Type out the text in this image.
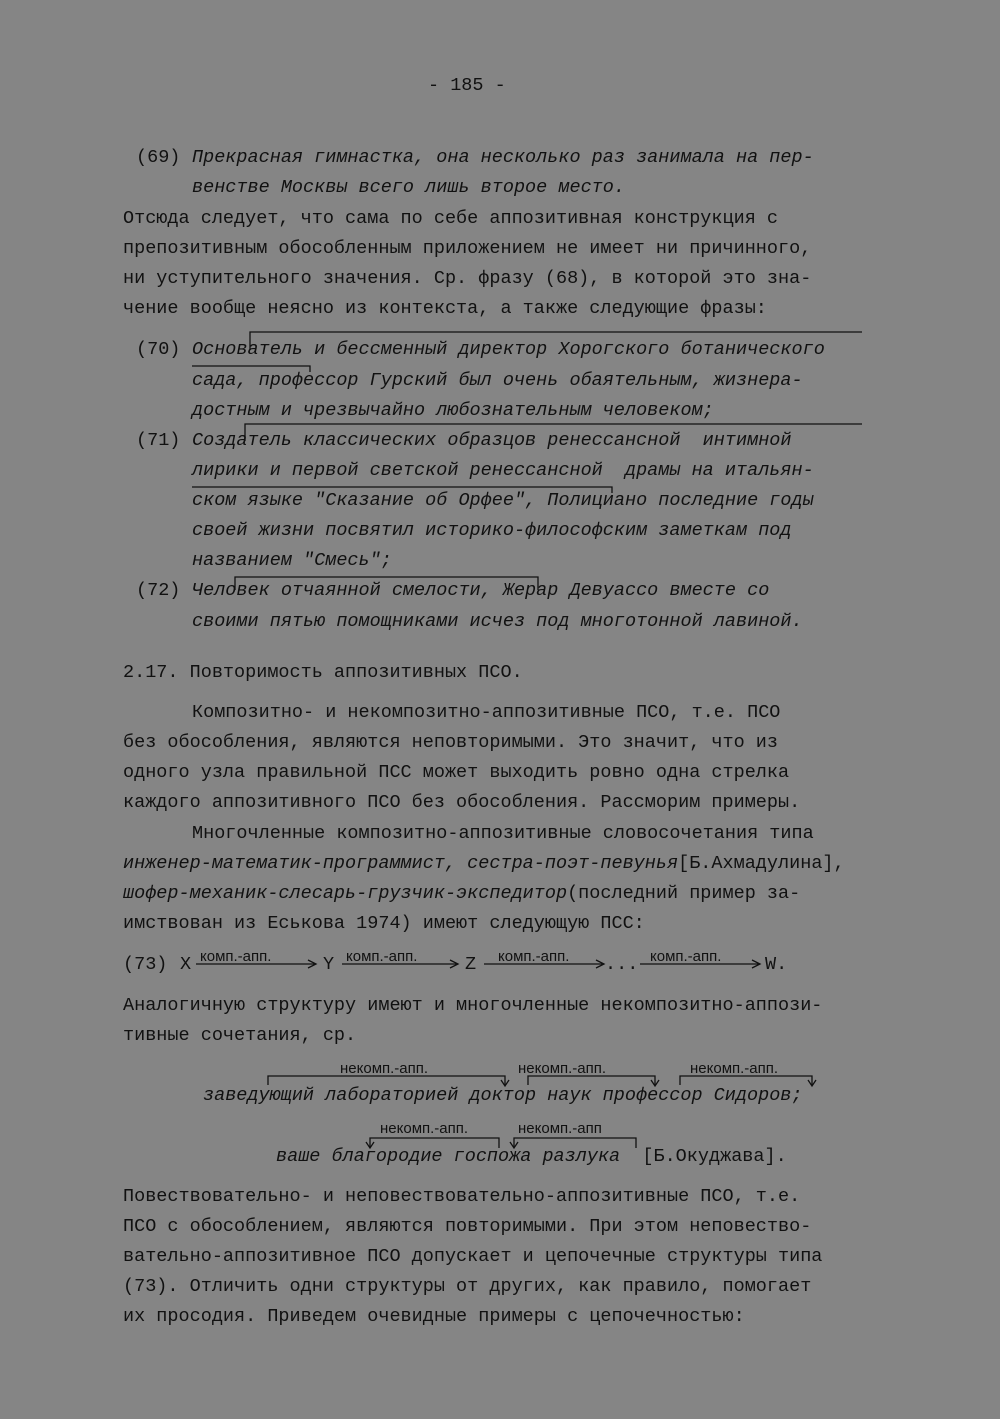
- 185 -
(69) Прекрасная гимнастка, она несколько раз занимала на пер-
венстве Москвы всего лишь второе место.
Отсюда следует, что сама по себе аппозитивная конструкция с
препозитивным обособленным приложением не имеет ни причинного,
ни уступительного значения. Ср. фразу (68), в которой это зна-
чение вообще неясно из контекста, а также следующие фразы:
(70) Основатель и бессменный директор Хорогского ботанического
сада, профессор Гурский был очень обаятельным, жизнера-
достным и чрезвычайно любознательным человеком;
(71) Создатель классических образцов ренессансной  интимной
лирики и первой светской ренессансной  драмы на итальян-
ском языке "Сказание об Орфее", Полициано последние годы
своей жизни посвятил историко-философским заметкам под
названием "Смесь";
(72) Человек отчаянной смелости, Жерар Девуассо вместе со
своими пятью помощниками исчез под многотонной лавиной.
2.17. Повторимость аппозитивных ПСО.
Композитно- и некомпозитно-аппозитивные ПСО, т.е. ПСО
без обособления, являются неповторимыми. Это значит, что из
одного узла правильной ПСС может выходить ровно одна стрелка
каждого аппозитивного ПСО без обособления. Рассморим примеры.
Многочленные композитно-аппозитивные словосочетания типа
инженер-математик-программист, сестра-поэт-певунья[Б.Ахмадулина],
шофер-механик-слесарь-грузчик-экспедитор(последний пример за-
имствован из Еськова 1974) имеют следующую ПСС:
(73) X	Y	Z	...	W.
комп.-апп.	комп.-апп.	комп.-апп.	комп.-апп.
Аналогичную структуру имеют и многочленные некомпозитно-аппози-
тивные сочетания, ср.
некомп.-апп.	некомп.-апп.	некомп.-апп.
заведующий лабораторией доктор наук профессор Сидоров;
некомп.-апп.	некомп.-апп
ваше благородие госпожа разлука [Б.Окуджава].
Повествовательно- и неповествовательно-аппозитивные ПСО, т.е.
ПСО с обособлением, являются повторимыми. При этом неповество-
вательно-аппозитивное ПСО допускает и цепочечные структуры типа
(73). Отличить одни структуры от других, как правило, помогает
их просодия. Приведем очевидные примеры с цепочечностью:
